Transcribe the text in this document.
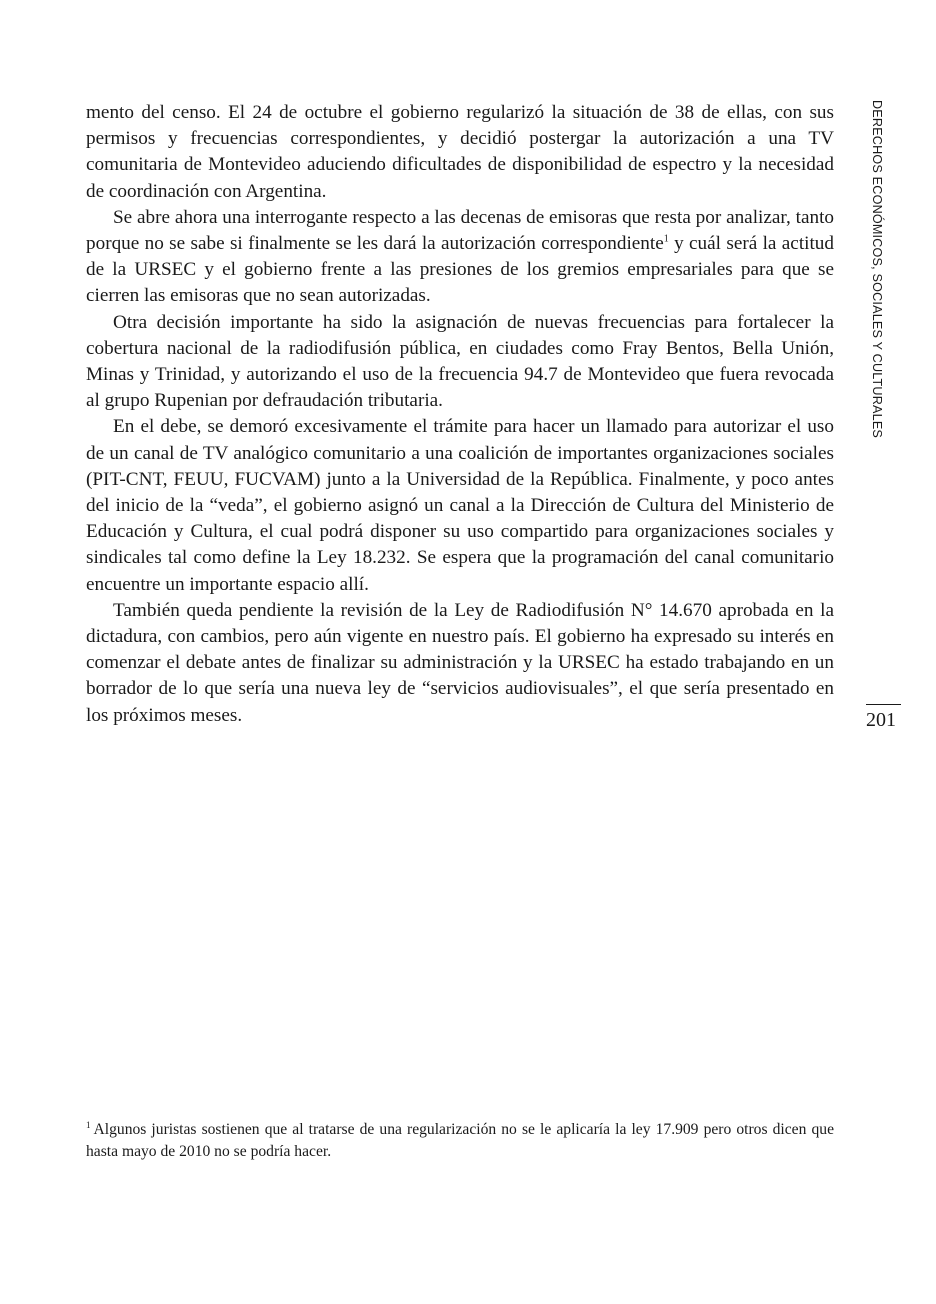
mento del censo. El 24 de octubre el gobierno regularizó la situación de 38 de ellas, con sus permisos y frecuencias correspondientes, y decidió postergar la autorización a una TV comunitaria de Montevideo aduciendo dificultades de disponibilidad de espectro y la necesidad de coordinación con Argentina.

Se abre ahora una interrogante respecto a las decenas de emisoras que resta por analizar, tanto porque no se sabe si finalmente se les dará la autorización correspondiente$^1$ y cuál será la actitud de la URSEC y el gobierno frente a las presiones de los gremios empresariales para que se cierren las emisoras que no sean autorizadas.

Otra decisión importante ha sido la asignación de nuevas frecuencias para fortalecer la cobertura nacional de la radiodifusión pública, en ciudades como Fray Bentos, Bella Unión, Minas y Trinidad, y autorizando el uso de la frecuencia 94.7 de Montevideo que fuera revocada al grupo Rupenian por defraudación tributaria.

En el debe, se demoró excesivamente el trámite para hacer un llamado para autorizar el uso de un canal de TV analógico comunitario a una coalición de importantes organizaciones sociales (PIT-CNT, FEUU, FUCVAM) junto a la Universidad de la República. Finalmente, y poco antes del inicio de la “veda”, el gobierno asignó un canal a la Dirección de Cultura del Ministerio de Educación y Cultura, el cual podrá disponer su uso compartido para organizaciones sociales y sindicales tal como define la Ley 18.232. Se espera que la programación del canal comunitario encuentre un importante espacio allí.

También queda pendiente la revisión de la Ley de Radiodifusión N° 14.670 aprobada en la dictadura, con cambios, pero aún vigente en nuestro país. El gobierno ha expresado su interés en comenzar el debate antes de finalizar su administración y la URSEC ha estado trabajando en un borrador de lo que sería una nueva ley de “servicios audiovisuales”, el que sería presentado en los próximos meses.

DERECHOS ECONÓMICOS, SOCIALES Y CULTURALES
201
$^1$ Algunos juristas sostienen que al tratarse de una regularización no se le aplicaría la ley 17.909 pero otros dicen que hasta mayo de 2010 no se podría hacer.
